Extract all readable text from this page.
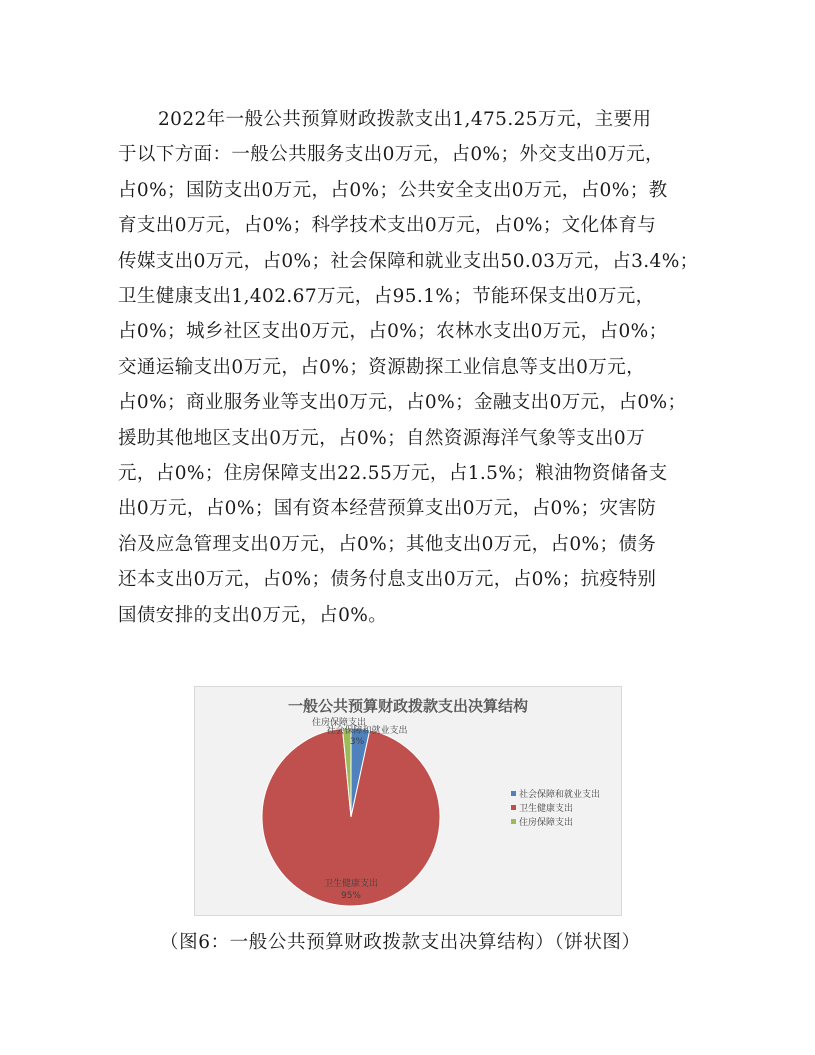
2022年一般公共预算财政拨款支出1,475.25万元，主要用
于以下方面：一般公共服务支出0万元，占0%；外交支出0万元，
占0%；国防支出0万元，占0%；公共安全支出0万元，占0%；教
育支出0万元，占0%；科学技术支出0万元，占0%；文化体育与
传媒支出0万元，占0%；社会保障和就业支出50.03万元，占3.4%；
卫生健康支出1,402.67万元，占95.1%；节能环保支出0万元，
占0%；城乡社区支出0万元，占0%；农林水支出0万元，占0%；
交通运输支出0万元，占0%；资源勘探工业信息等支出0万元，
占0%；商业服务业等支出0万元，占0%；金融支出0万元，占0%；
援助其他地区支出0万元，占0%；自然资源海洋气象等支出0万
元，占0%；住房保障支出22.55万元，占1.5%；粮油物资储备支
出0万元，占0%；国有资本经营预算支出0万元，占0%；灾害防
治及应急管理支出0万元，占0%；其他支出0万元，占0%；债务
还本支出0万元，占0%；债务付息支出0万元，占0%；抗疫特别
国债安排的支出0万元，占0%。

一般公共预算财政拨款支出决算结构
社会保障和就业支出
3%
住房保障支出
卫生健康支出
95%
社会保障和就业支出
卫生健康支出
住房保障支出
（图6：一般公共预算财政拨款支出决算结构）（饼状图）
